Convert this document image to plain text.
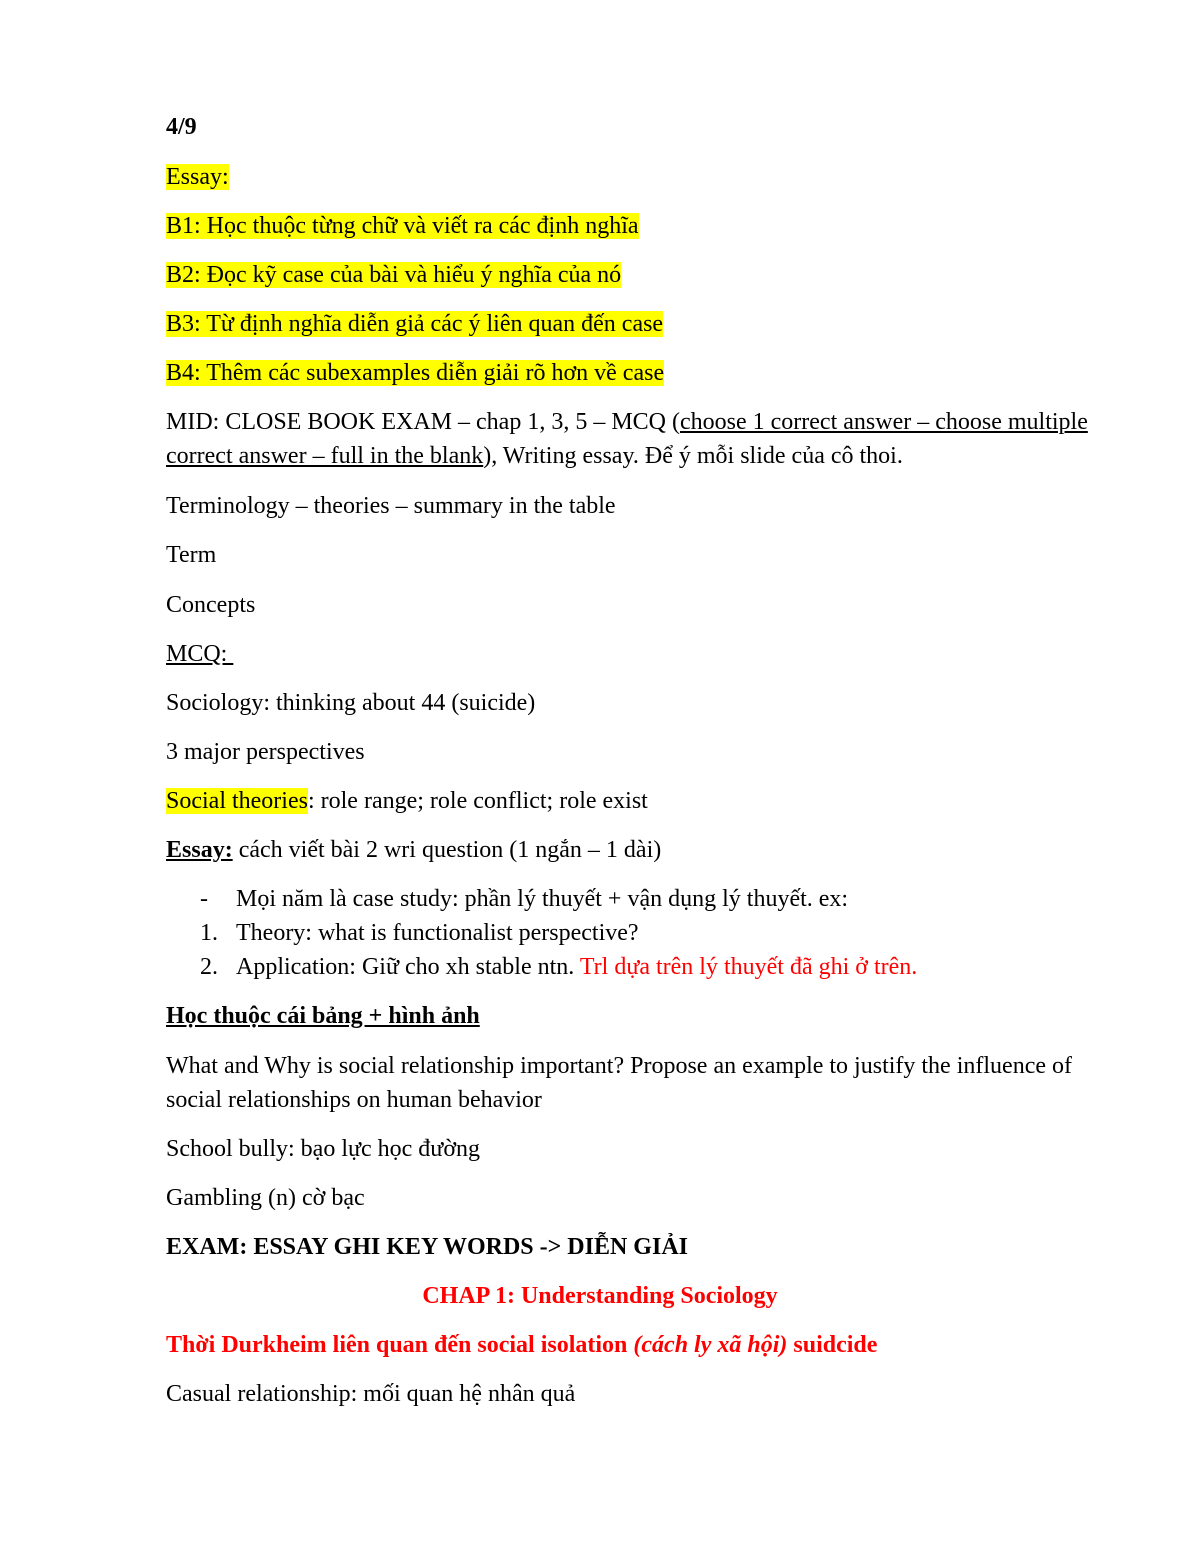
4/9
Essay:
B1: Học thuộc từng chữ và viết ra các định nghĩa
B2: Đọc kỹ case của bài và hiểu ý nghĩa của nó
B3: Từ định nghĩa diễn giả các ý liên quan đến case
B4: Thêm các subexamples diễn giải rõ hơn về case
MID: CLOSE BOOK EXAM – chap 1, 3, 5 – MCQ (choose 1 correct answer – choose multiple correct answer – full in the blank), Writing essay. Để ý mỗi slide của cô thoi.
Terminology – theories – summary in the table
Term
Concepts
MCQ:
Sociology: thinking about 44 (suicide)
3 major perspectives
Social theories: role range; role conflict; role exist
Essay: cách viết bài 2 wri question (1 ngắn – 1 dài)
- Mọi năm là case study: phần lý thuyết + vận dụng lý thuyết. ex:
1. Theory: what is functionalist perspective?
2. Application: Giữ cho xh stable ntn. Trl dựa trên lý thuyết đã ghi ở trên.
Học thuộc cái bảng + hình ảnh
What and Why is social relationship important? Propose an example to justify the influence of social relationships on human behavior
School bully: bạo lực học đường
Gambling (n) cờ bạc
EXAM: ESSAY GHI KEY WORDS -> DIỄN GIẢI
CHAP 1: Understanding Sociology
Thời Durkheim liên quan đến social isolation (cách ly xã hội) suidcide
Casual relationship: mối quan hệ nhân quả
